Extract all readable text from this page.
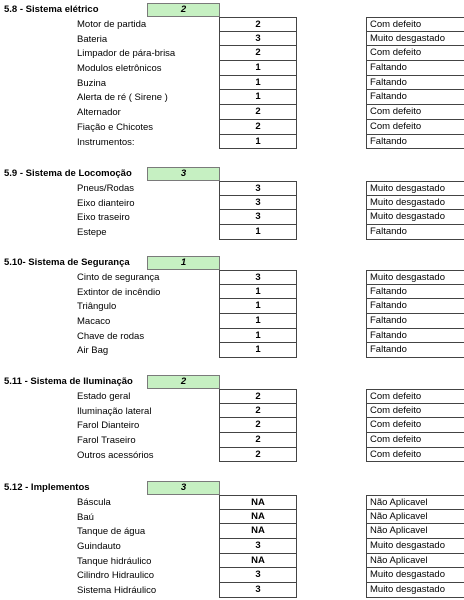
5.8 - Sistema elétrico	2
Motor de partida	2	Com defeito
Bateria	3	Muito desgastado
Limpador de pára-brisa	2	Com defeito
Modulos eletrônicos	1	Faltando
Buzina	1	Faltando
Alerta de ré ( Sirene )	1	Faltando
Alternador	2	Com defeito
Fiação e Chicotes	2	Com defeito
Instrumentos:	1	Faltando
5.9 - Sistema de Locomoção	3
Pneus/Rodas	3	Muito desgastado
Eixo dianteiro	3	Muito desgastado
Eixo traseiro	3	Muito desgastado
Estepe	1	Faltando
5.10- Sistema de Segurança	1
Cinto de segurança	3	Muito desgastado
Extintor de incêndio	1	Faltando
Triângulo	1	Faltando
Macaco	1	Faltando
Chave de rodas	1	Faltando
Air Bag	1	Faltando
5.11 - Sistema de Iluminação	2
Estado geral	2	Com defeito
Iluminação lateral	2	Com defeito
Farol Dianteiro	2	Com defeito
Farol Traseiro	2	Com defeito
Outros acessórios	2	Com defeito
5.12 - Implementos	3
Báscula	NA	Não Aplicavel
Baú	NA	Não Aplicavel
Tanque de água	NA	Não Aplicavel
Guindauto	3	Muito desgastado
Tanque hidráulico	NA	Não Aplicavel
Cilindro Hidraulico	3	Muito desgastado
Sistema Hidráulico	3	Muito desgastado
